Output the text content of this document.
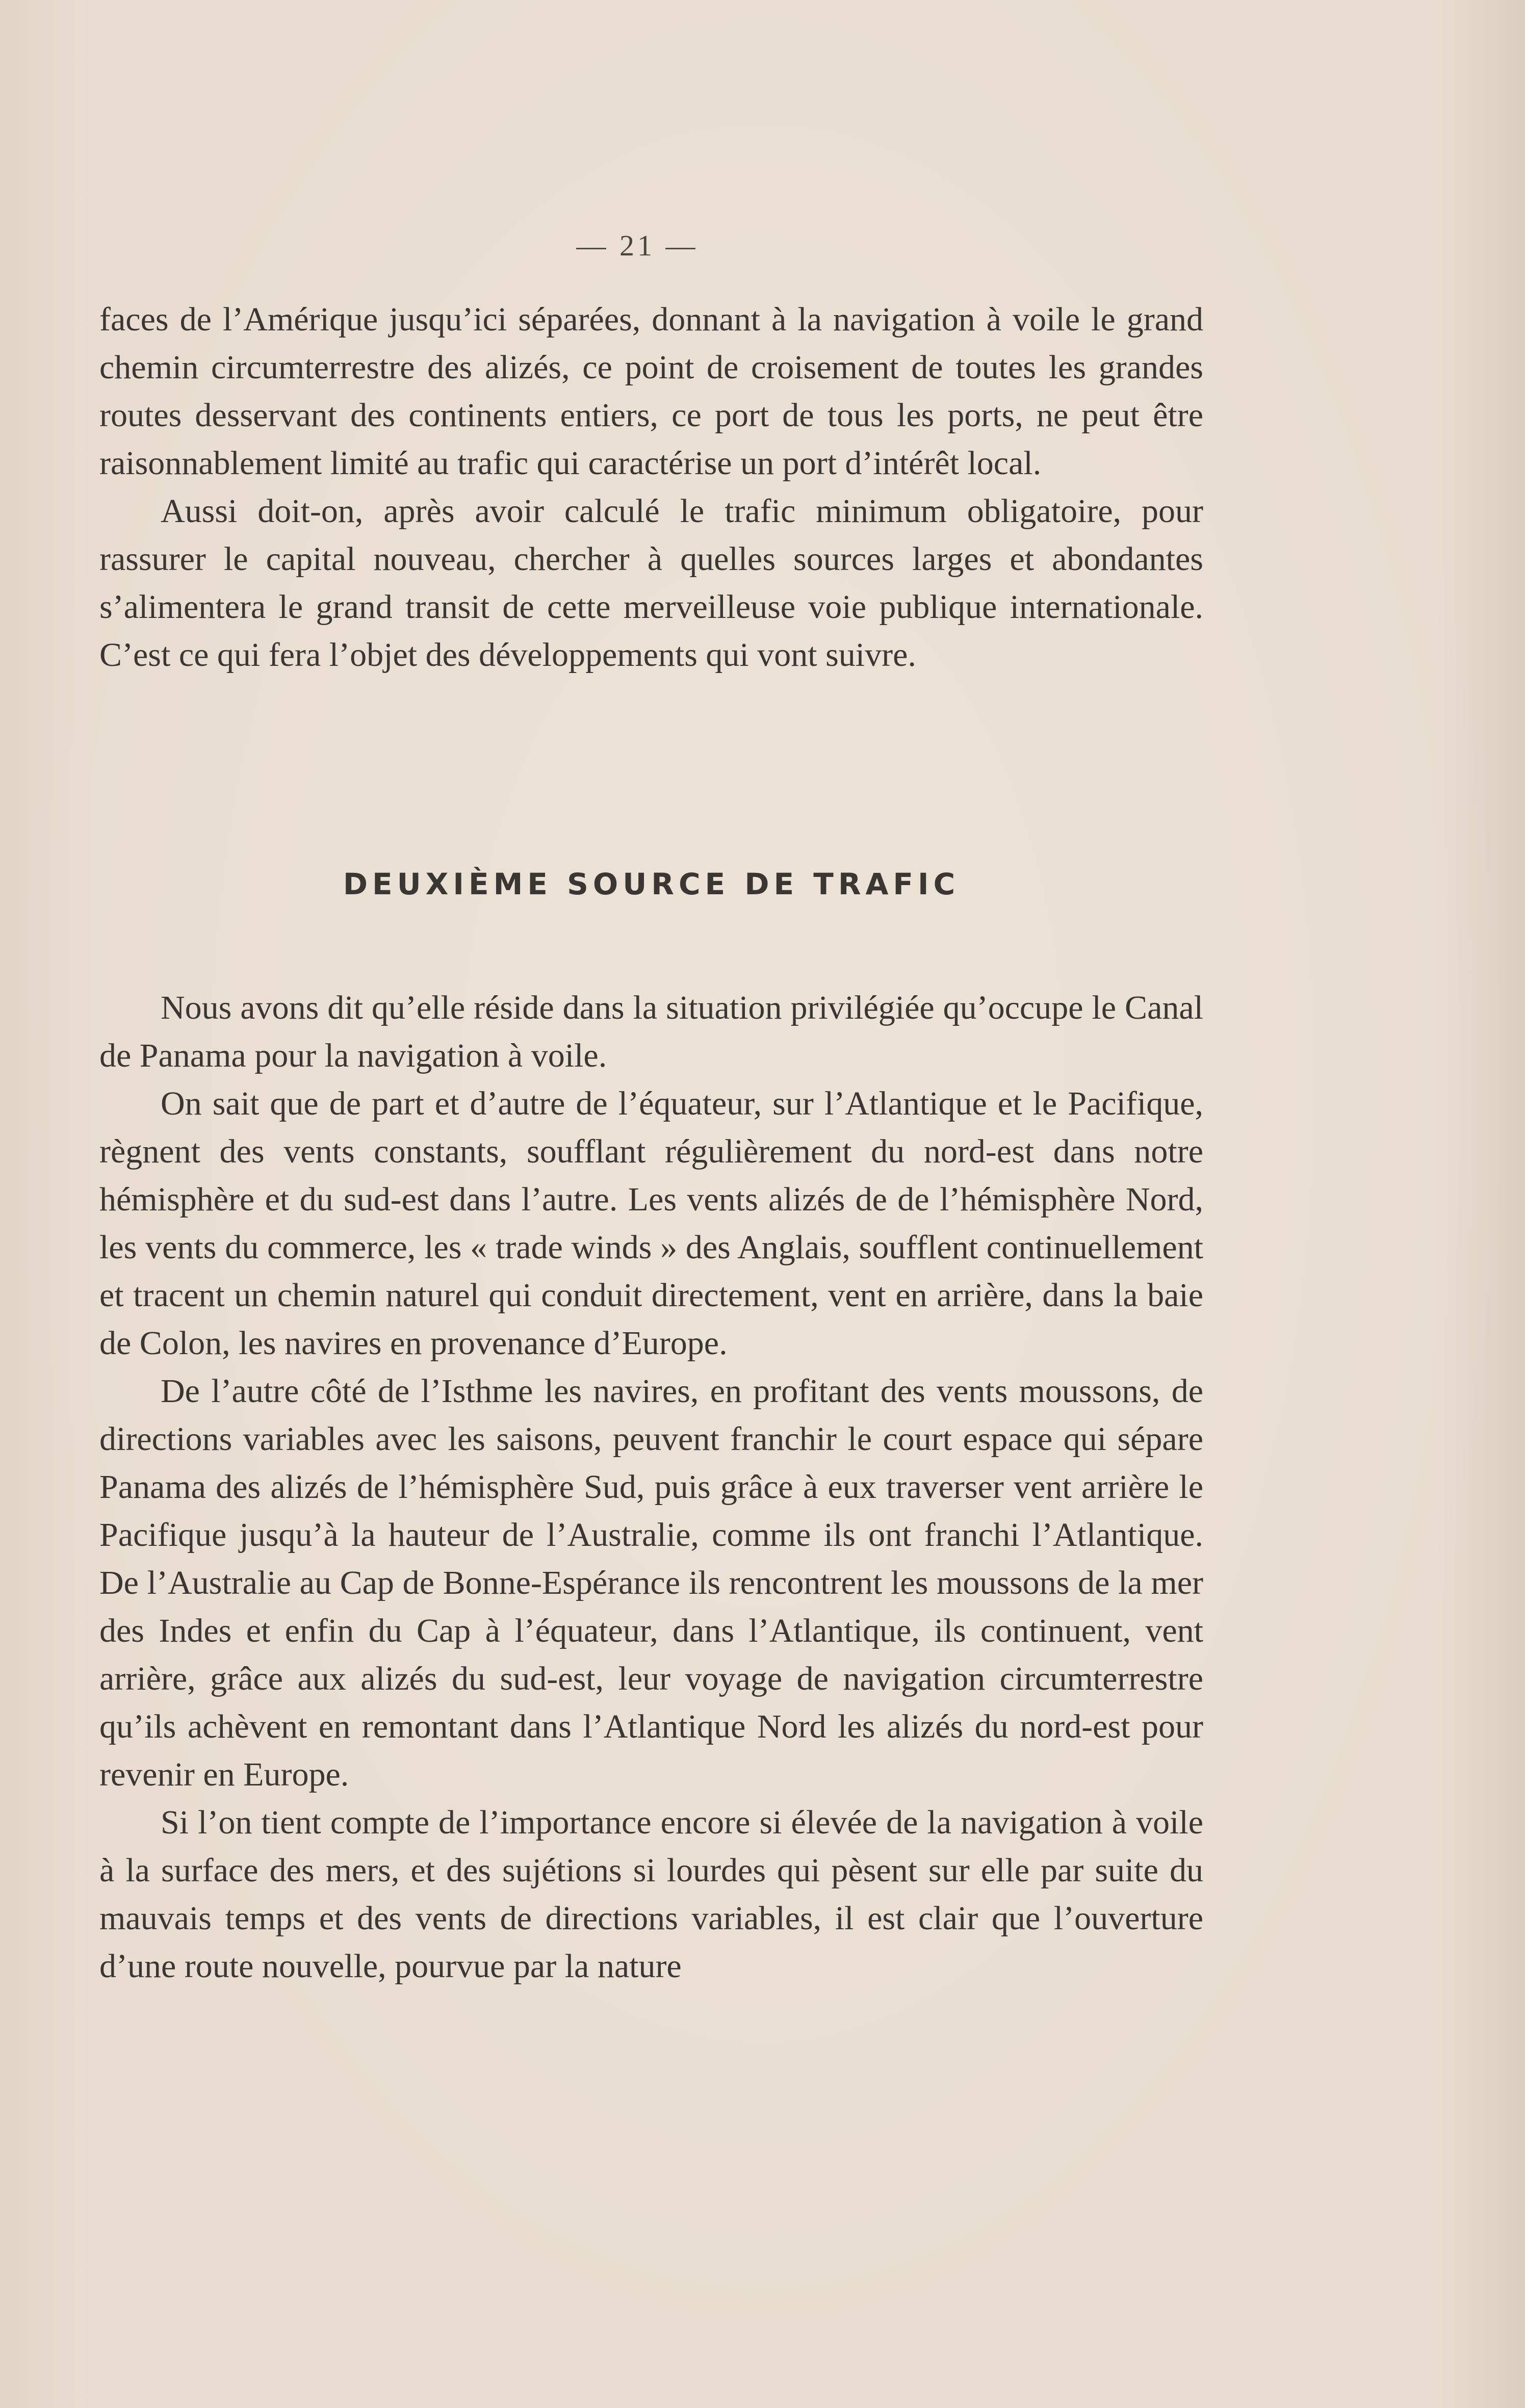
— 21 —

faces de l’Amérique jusqu’ici séparées, donnant à la navigation à voile le grand chemin circumterrestre des alizés, ce point de croisement de toutes les grandes routes desservant des continents entiers, ce port de tous les ports, ne peut être raisonnablement limité au trafic qui caractérise un port d’intérêt local.

Aussi doit-on, après avoir calculé le trafic minimum obligatoire, pour rassurer le capital nouveau, chercher à quelles sources larges et abondantes s’alimentera le grand transit de cette merveilleuse voie publique internationale. C’est ce qui fera l’objet des développements qui vont suivre.

DEUXIÈME SOURCE DE TRAFIC

Nous avons dit qu’elle réside dans la situation privilégiée qu’occupe le Canal de Panama pour la navigation à voile.

On sait que de part et d’autre de l’équateur, sur l’Atlantique et le Pacifique, règnent des vents constants, soufflant régulièrement du nord-est dans notre hémisphère et du sud-est dans l’autre. Les vents alizés de de l’hémisphère Nord, les vents du commerce, les « trade winds » des Anglais, soufflent continuellement et tracent un chemin naturel qui conduit directement, vent en arrière, dans la baie de Colon, les navires en provenance d’Europe.

De l’autre côté de l’Isthme les navires, en profitant des vents moussons, de directions variables avec les saisons, peuvent franchir le court espace qui sépare Panama des alizés de l’hémisphère Sud, puis grâce à eux traverser vent arrière le Pacifique jusqu’à la hauteur de l’Australie, comme ils ont franchi l’Atlantique. De l’Australie au Cap de Bonne-Espérance ils rencontrent les moussons de la mer des Indes et enfin du Cap à l’équateur, dans l’Atlantique, ils continuent, vent arrière, grâce aux alizés du sud-est, leur voyage de navigation circumterrestre qu’ils achèvent en remontant dans l’Atlantique Nord les alizés du nord-est pour revenir en Europe.

Si l’on tient compte de l’importance encore si élevée de la navigation à voile à la surface des mers, et des sujétions si lourdes qui pèsent sur elle par suite du mauvais temps et des vents de directions variables, il est clair que l’ouverture d’une route nouvelle, pourvue par la nature
